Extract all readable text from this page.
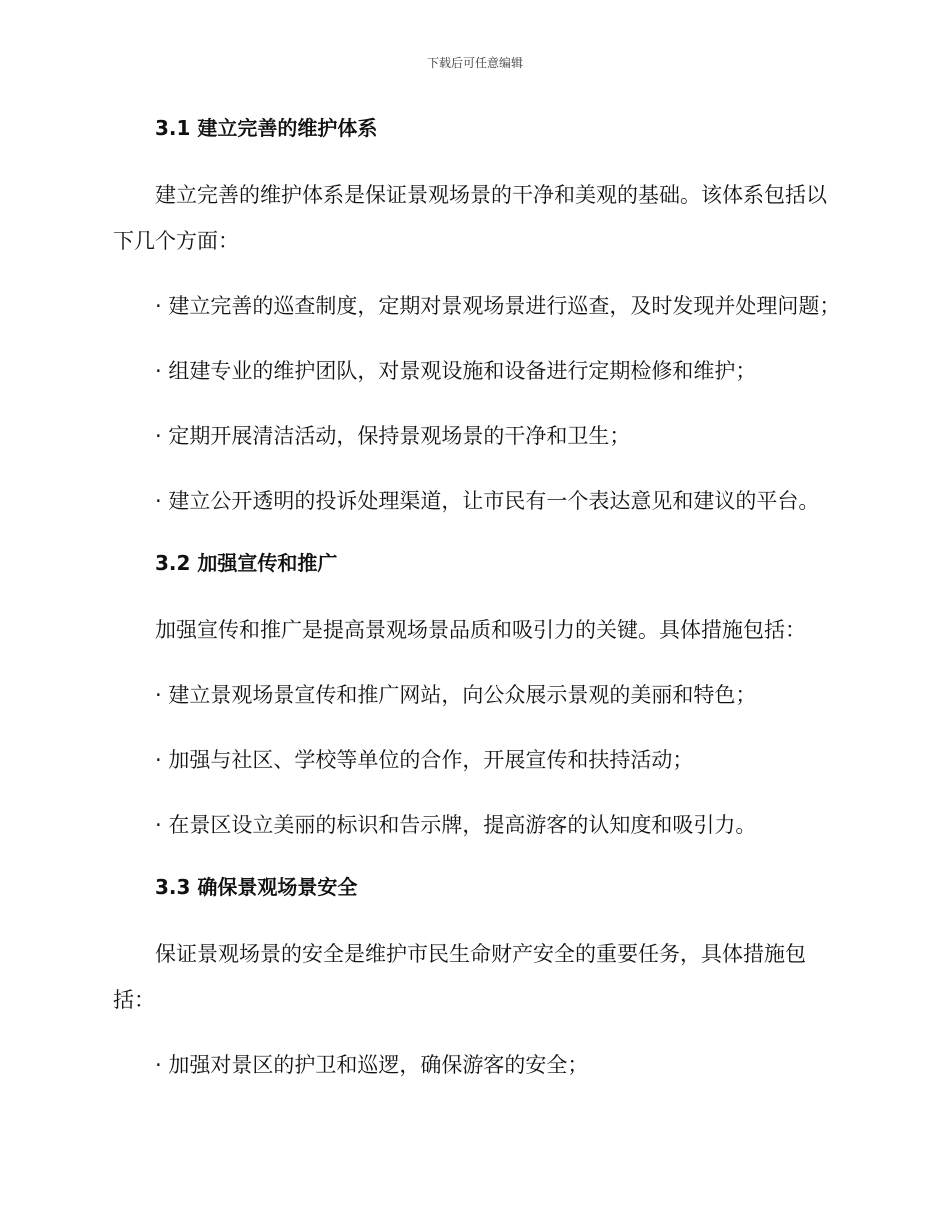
下载后可任意编辑
3.1 建立完善的维护体系
建立完善的维护体系是保证景观场景的干净和美观的基础。该体系包括以下几个方面：
· 建立完善的巡查制度，定期对景观场景进行巡查，及时发现并处理问题；
· 组建专业的维护团队，对景观设施和设备进行定期检修和维护；
· 定期开展清洁活动，保持景观场景的干净和卫生；
· 建立公开透明的投诉处理渠道，让市民有一个表达意见和建议的平台。
3.2 加强宣传和推广
加强宣传和推广是提高景观场景品质和吸引力的关键。具体措施包括：
· 建立景观场景宣传和推广网站，向公众展示景观的美丽和特色；
· 加强与社区、学校等单位的合作，开展宣传和扶持活动；
· 在景区设立美丽的标识和告示牌，提高游客的认知度和吸引力。
3.3 确保景观场景安全
保证景观场景的安全是维护市民生命财产安全的重要任务，具体措施包括：
· 加强对景区的护卫和巡逻，确保游客的安全；
